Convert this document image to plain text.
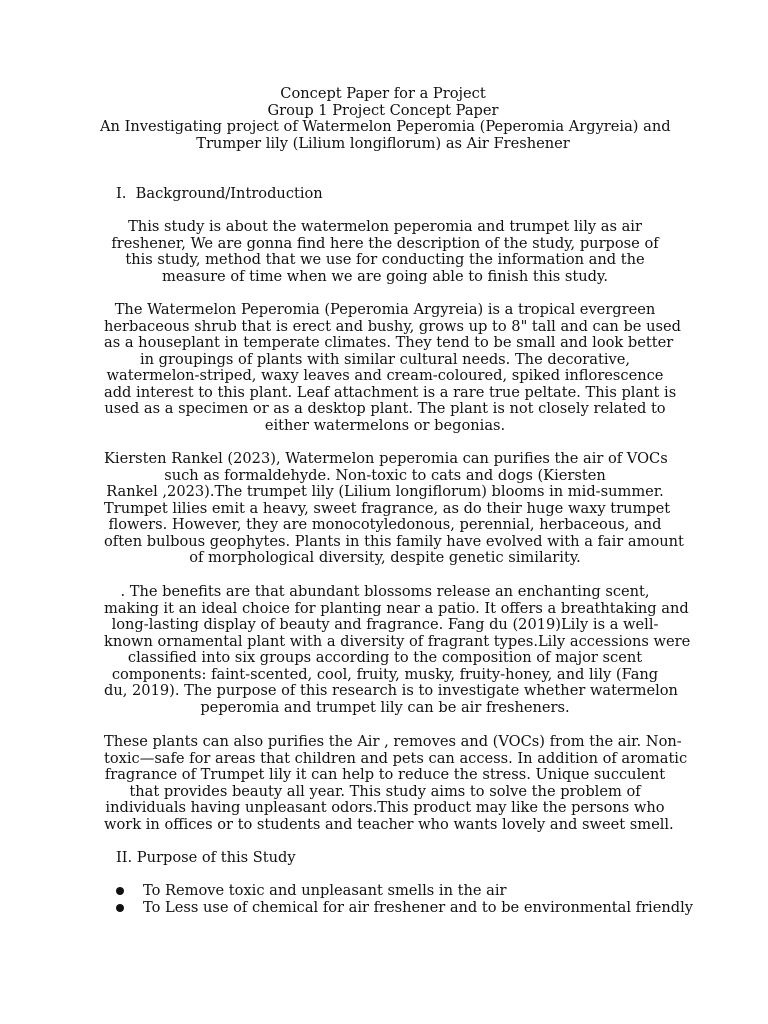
Concept Paper for a Project
Group 1 Project Concept Paper
An Investigating project of Watermelon Peperomia (Peperomia Argyreia) and
Trumper lily (Lilium longiflorum) as Air Freshener
I.  Background/Introduction
This study is about the watermelon peperomia and trumpet lily as air
freshener, We are gonna find here the description of the study, purpose of
this study, method that we use for conducting the information and the
measure of time when we are going able to finish this study.
The Watermelon Peperomia (Peperomia Argyreia) is a tropical evergreen
herbaceous shrub that is erect and bushy, grows up to 8" tall and can be used
as a houseplant in temperate climates. They tend to be small and look better
in groupings of plants with similar cultural needs. The decorative,
watermelon-striped, waxy leaves and cream-coloured, spiked inflorescence
add interest to this plant. Leaf attachment is a rare true peltate. This plant is
used as a specimen or as a desktop plant. The plant is not closely related to
either watermelons or begonias.
Kiersten Rankel (2023), Watermelon peperomia can purifies the air of VOCs
such as formaldehyde. Non-toxic to cats and dogs (Kiersten
Rankel ,2023).The trumpet lily (Lilium longiflorum) blooms in mid-summer.
Trumpet lilies emit a heavy, sweet fragrance, as do their huge waxy trumpet
flowers. However, they are monocotyledonous, perennial, herbaceous, and
often bulbous geophytes. Plants in this family have evolved with a fair amount
of morphological diversity, despite genetic similarity.
. The benefits are that abundant blossoms release an enchanting scent,
making it an ideal choice for planting near a patio. It offers a breathtaking and
long-lasting display of beauty and fragrance. Fang du (2019)Lily is a well-
known ornamental plant with a diversity of fragrant types.Lily accessions were
classified into six groups according to the composition of major scent
components: faint-scented, cool, fruity, musky, fruity-honey, and lily (Fang
du, 2019). The purpose of this research is to investigate whether watermelon
peperomia and trumpet lily can be air fresheners.
These plants can also purifies the Air , removes and (VOCs) from the air. Non-
toxic—safe for areas that children and pets can access. In addition of aromatic
fragrance of Trumpet lily it can help to reduce the stress. Unique succulent
that provides beauty all year. This study aims to solve the problem of
individuals having unpleasant odors.This product may like the persons who
work in offices or to students and teacher who wants lovely and sweet smell.
II. Purpose of this Study
To Remove toxic and unpleasant smells in the air
To Less use of chemical for air freshener and to be environmental friendly
